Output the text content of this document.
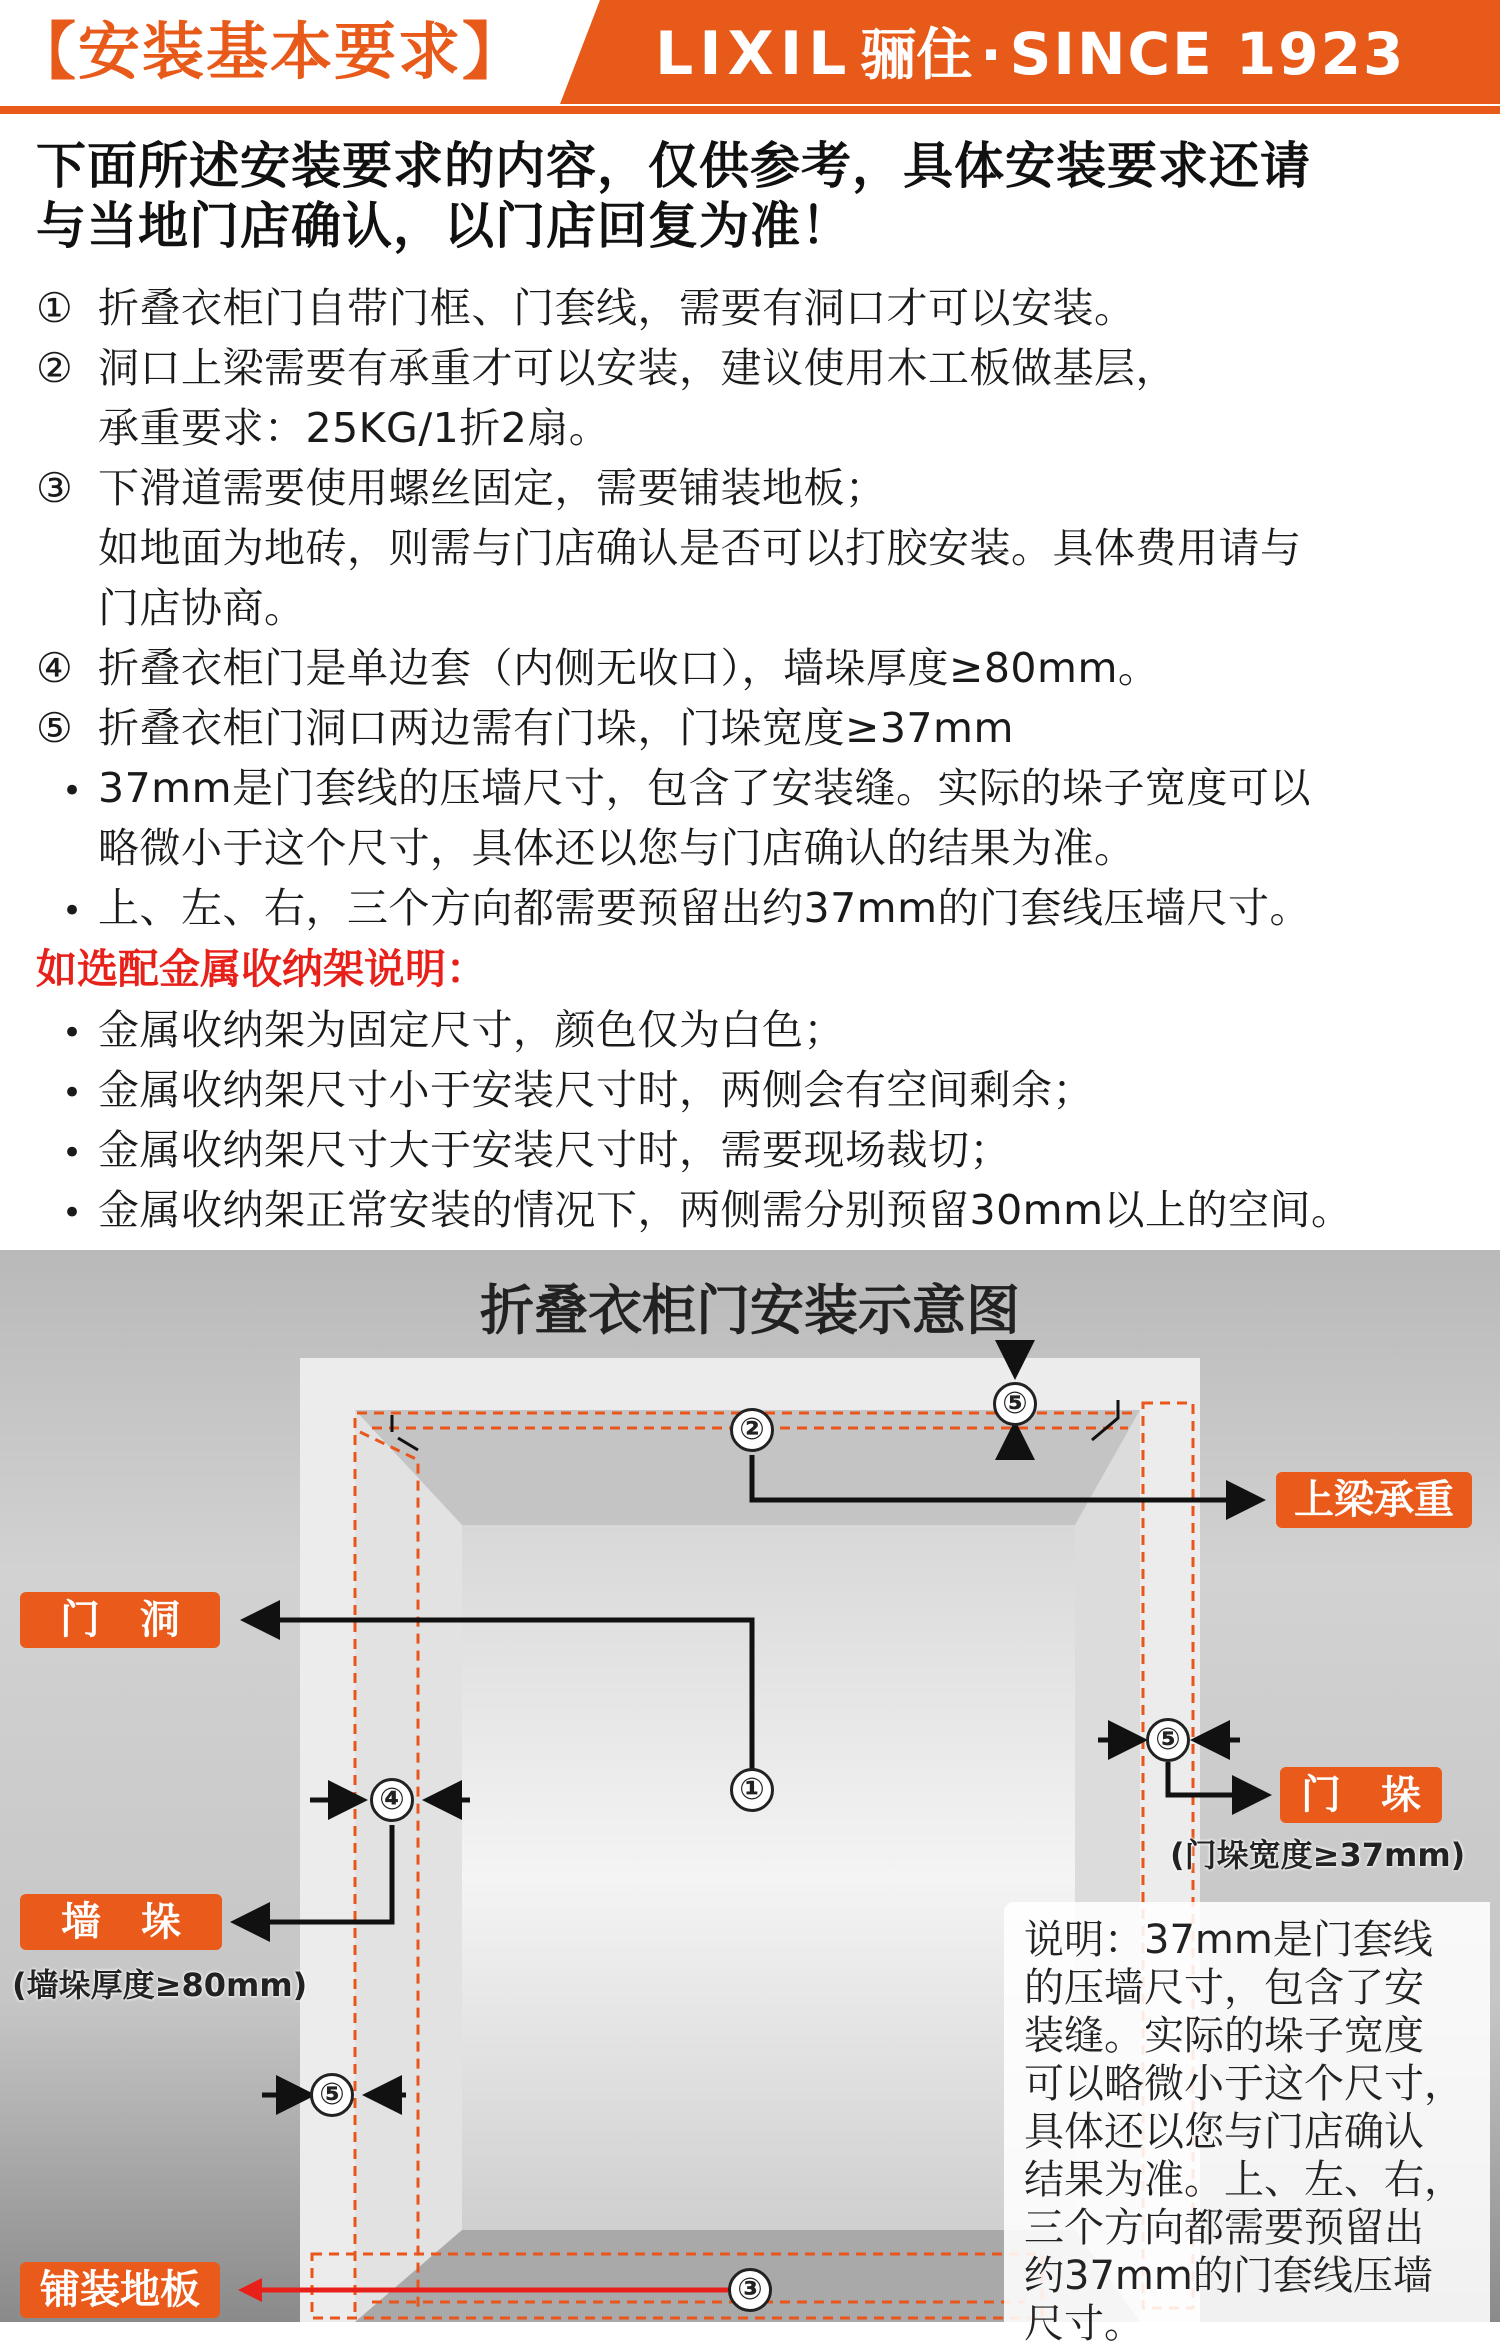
【安装基本要求】 LIXIL 骊住 · SINCE 1923
下面所述安装要求的内容，仅供参考，具体安装要求还请
与当地门店确认，以门店回复为准！
① 折叠衣柜门自带门框、门套线，需要有洞口才可以安装。
② 洞口上梁需要有承重才可以安装，建议使用木工板做基层，
承重要求：25KG/1折2扇。
③ 下滑道需要使用螺丝固定，需要铺装地板；
如地面为地砖，则需与门店确认是否可以打胶安装。具体费用请与
门店协商。
④ 折叠衣柜门是单边套（内侧无收口），墙垛厚度≥80mm。
⑤ 折叠衣柜门洞口两边需有门垛，门垛宽度≥37mm
• 37mm是门套线的压墙尺寸，包含了安装缝。实际的垛子宽度可以
略微小于这个尺寸，具体还以您与门店确认的结果为准。
• 上、左、右，三个方向都需要预留出约37mm的门套线压墙尺寸。
如选配金属收纳架说明：
• 金属收纳架为固定尺寸，颜色仅为白色；
• 金属收纳架尺寸小于安装尺寸时，两侧会有空间剩余；
• 金属收纳架尺寸大于安装尺寸时，需要现场裁切；
• 金属收纳架正常安装的情况下，两侧需分别预留30mm以上的空间。
折叠衣柜门安装示意图
⑤
②
①
④
⑤
⑤
③
上梁承重
门　洞
门　垛
(门垛宽度≥37mm)
墙　垛
(墙垛厚度≥80mm)
铺装地板
说明：37mm是门套线
的压墙尺寸，包含了安
装缝。实际的垛子宽度
可以略微小于这个尺寸，
具体还以您与门店确认
结果为准。上、左、右，
三个方向都需要预留出
约37mm的门套线压墙
尺寸。
